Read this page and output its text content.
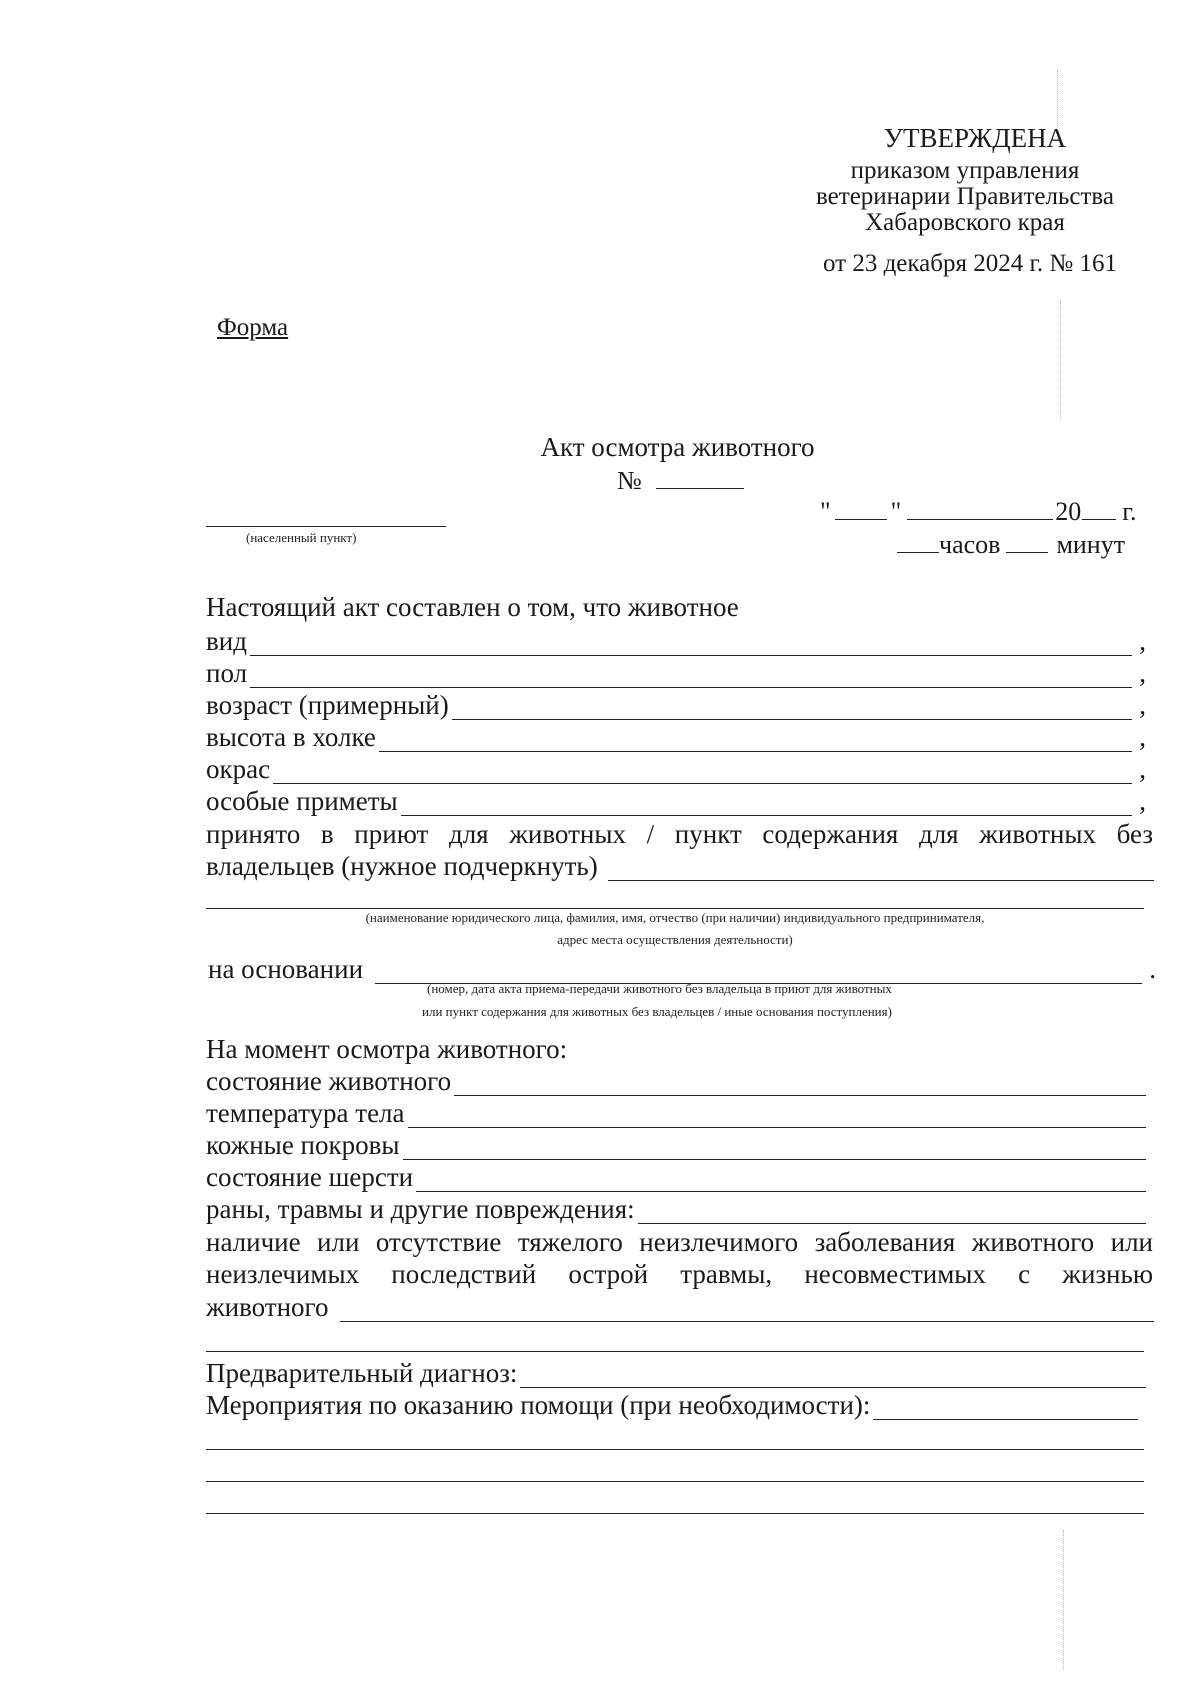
УТВЕРЖДЕНА
приказом управления
ветеринарии Правительства
Хабаровского края
от 23 декабря 2024 г. № 161
Форма
Акт осмотра животного
№
" "	20 г.
(населенный пункт)	часов минут
Настоящий акт составлен о том, что животное
вид	,
пол	,
возраст (примерный)	,
высота в холке	,
окрас	,
особые приметы	,
принято в приют для животных / пункт содержания для животных без
владельцев (нужное подчеркнуть)
(наименование юридического лица, фамилия, имя, отчество (при наличии) индивидуального предпринимателя,
адрес места осуществления деятельности)
на основании	.
(номер, дата акта приема-передачи животного без владельца в приют для животных
или пункт содержания для животных без владельцев / иные основания поступления)
На момент осмотра животного:
состояние животного
температура тела
кожные покровы
состояние шерсти
раны, травмы и другие повреждения:
наличие или отсутствие тяжелого неизлечимого заболевания животного или
неизлечимых последствий острой травмы, несовместимых с жизнью
животного
Предварительный диагноз:
Мероприятия по оказанию помощи (при необходимости):
